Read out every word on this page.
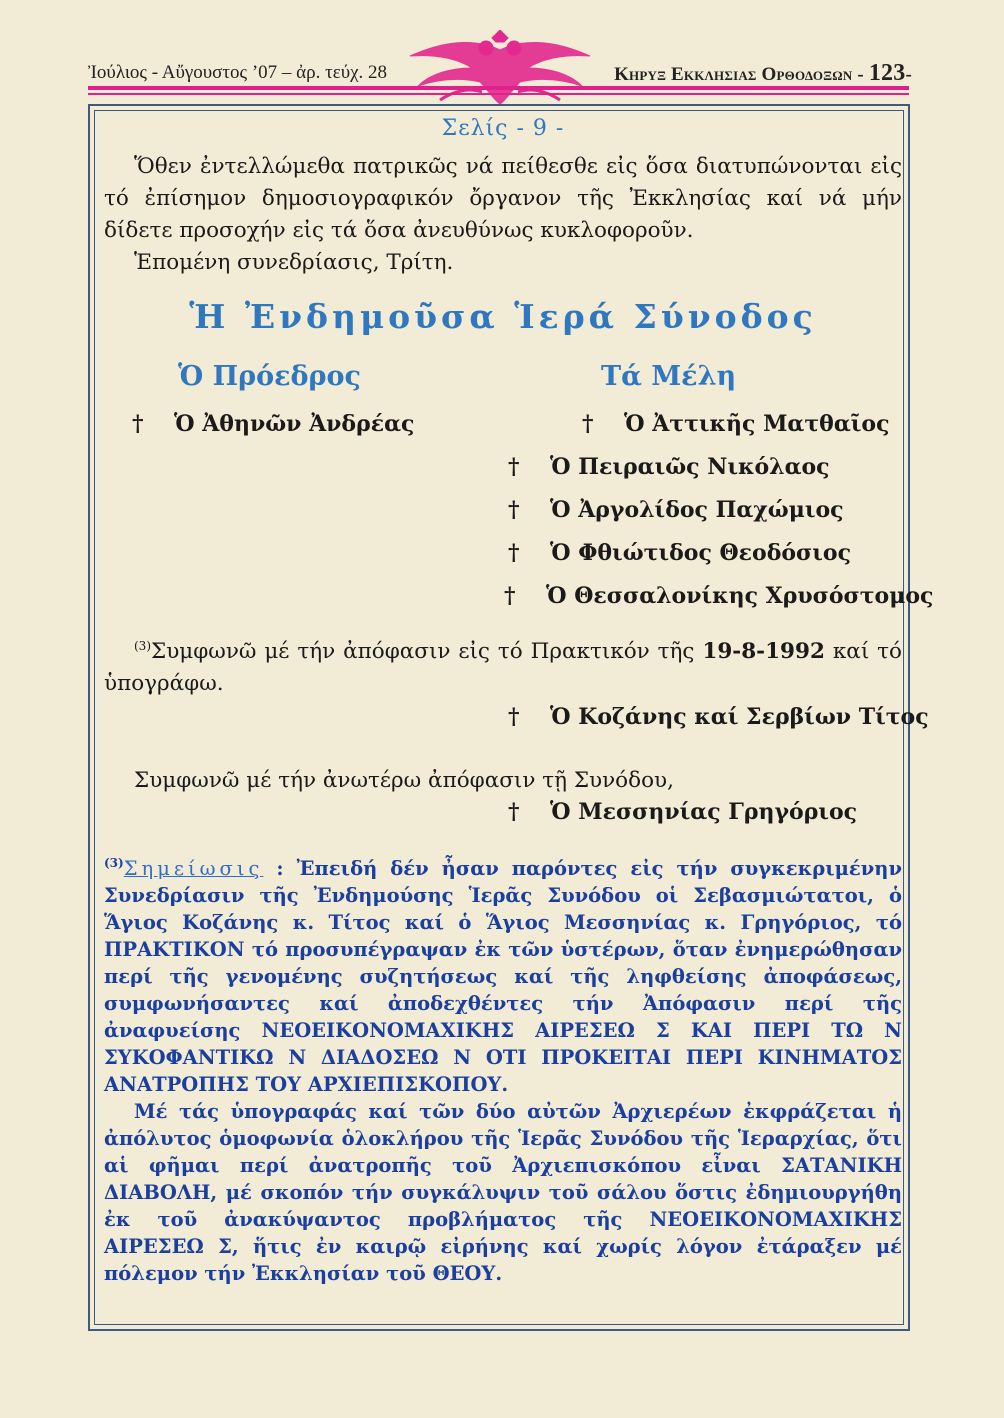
Ἰούλιος - Αὔγουστος ’07 – ἀρ. τεύχ. 28	Κηρυξ Εκκλησιας Ορθοδοξων - 123-
Σελίς - 9 -
Ὅθεν ἐντελλώμεθα πατρικῶς νά πείθεσθε εἰς ὅσα διατυπώνονται εἰς τό ἐπίσημον δημοσιογραφικόν ὄργανον τῆς Ἐκκλησίας καί νά μήν δίδετε προσοχήν εἰς τά ὅσα ἀνευθύνως κυκλοφοροῦν.
Ἑπομένη συνεδρίασις, Τρίτη.
Ἡ Ἐνδημοῦσα Ἱερά Σύνοδος
Ὁ Πρόεδρος	Τά Μέλη
† Ὁ Ἀθηνῶν Ἀνδρέας	† Ὁ Ἀττικῆς Ματθαῖος
† Ὁ Πειραιῶς Νικόλαος
† Ὁ Ἀργολίδος Παχώμιος
† Ὁ Φθιώτιδος Θεοδόσιος
† Ὁ Θεσσαλονίκης Χρυσόστομος
$^{(3)}$Συμφωνῶ μέ τήν ἀπόφασιν εἰς τό Πρακτικόν τῆς 19-8-1992 καί τό ὑπογράφω.
† Ὁ Κοζάνης καί Σερβίων Τίτος
Συμφωνῶ μέ τήν ἀνωτέρω ἀπόφασιν τῇ Συνόδου,
† Ὁ Μεσσηνίας Γρηγόριος
$^{(3)}$Σημείωσις : Ἐπειδή δέν ἦσαν παρόντες εἰς τήν συγκεκριμένην Συνεδρίασιν τῆς Ἐνδημούσης Ἱερᾶς Συνόδου οἱ Σεβασμιώτατοι, ὁ Ἅγιος Κοζάνης κ. Τίτος καί ὁ Ἅγιος Μεσσηνίας κ. Γρηγόριος, τό ΠΡΑΚΤΙΚΟΝ τό προσυπέγραψαν ἐκ τῶν ὑστέρων, ὅταν ἐνημερώθησαν περί τῆς γενομένης συζητήσεως καί τῆς ληφθείσης ἀποφάσεως, συμφωνήσαντες καί ἀποδεχθέντες τήν Ἀπόφασιν περί τῆς ἀναφυείσης ΝΕΟΕΙΚΟΝΟΜΑΧΙΚΗΣ ΑΙΡΕΣΕΩ Σ ΚΑΙ ΠΕΡΙ ΤΩ Ν ΣΥΚΟΦΑΝΤΙΚΩ Ν ΔΙΑΔΟΣΕΩ Ν ΟΤΙ ΠΡΟΚΕΙΤΑΙ ΠΕΡΙ ΚΙΝΗΜΑΤΟΣ ΑΝΑΤΡΟΠΗΣ ΤΟΥ ΑΡΧΙΕΠΙΣΚΟΠΟΥ.
Μέ τάς ὑπογραφάς καί τῶν δύο αὐτῶν Ἀρχιερέων ἐκφράζεται ἡ ἀπόλυτος ὁμοφωνία ὁλοκλήρου τῆς Ἱερᾶς Συνόδου τῆς Ἱεραρχίας, ὅτι αἱ φῆμαι περί ἀνατροπῆς τοῦ Ἀρχιεπισκόπου εἶναι ΣΑΤΑΝΙΚΗ ΔΙΑΒΟΛΗ, μέ σκοπόν τήν συγκάλυψιν τοῦ σάλου ὅστις ἐδημιουργήθη ἐκ τοῦ ἀνακύψαντος προβλήματος τῆς ΝΕΟΕΙΚΟΝΟΜΑΧΙΚΗΣ ΑΙΡΕΣΕΩ Σ, ἥτις ἐν καιρῷ εἰρήνης καί χωρίς λόγον ἐτάραξεν μέ πόλεμον τήν Ἐκκλησίαν τοῦ ΘΕΟΥ.
